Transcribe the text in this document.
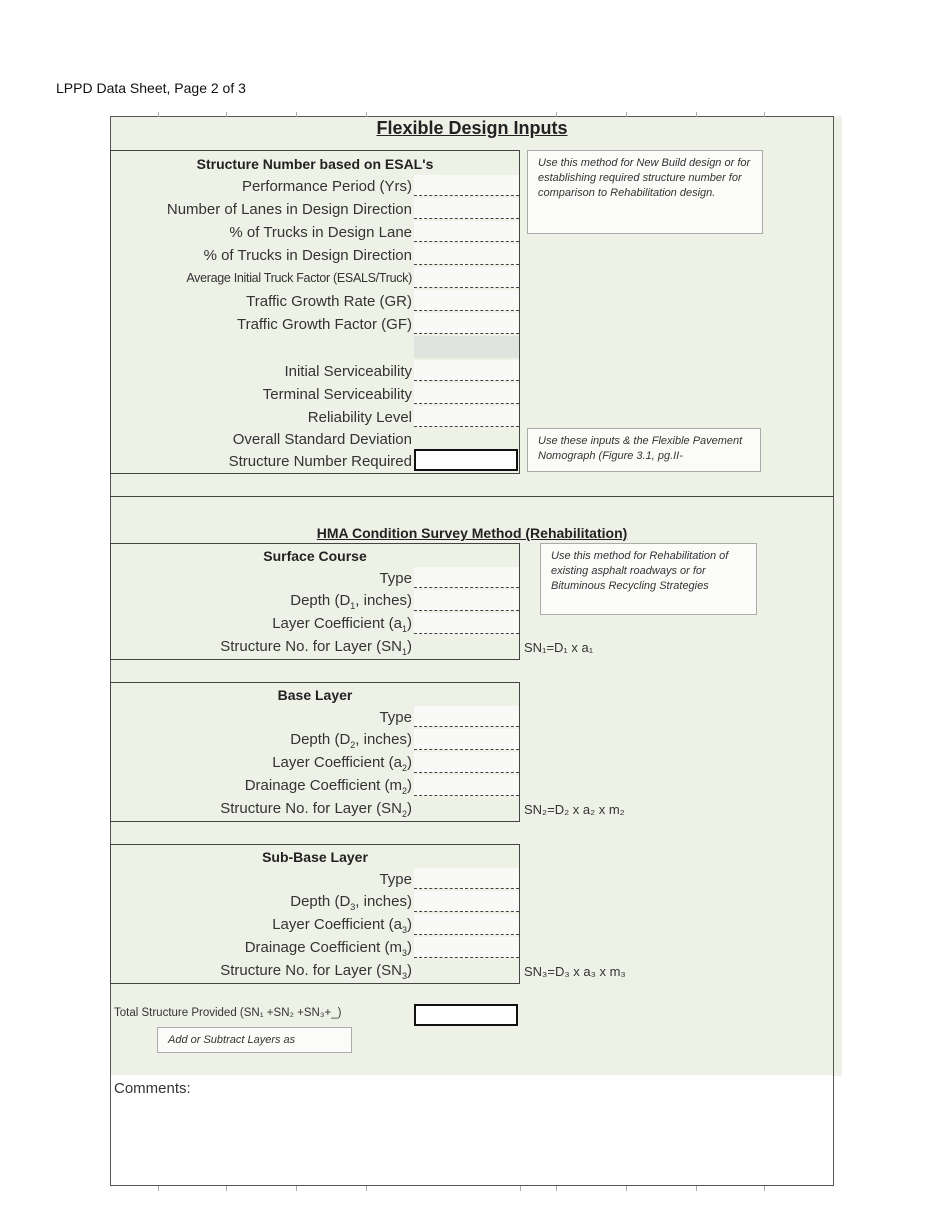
LPPD Data Sheet, Page 2 of 3
Flexible Design Inputs
Structure Number based on ESAL's
Performance Period (Yrs)
Number of Lanes in Design Direction
% of Trucks in Design Lane
% of Trucks in Design Direction
Average Initial Truck Factor (ESALS/Truck)
Traffic Growth Rate (GR)
Traffic Growth Factor (GF)
Initial Serviceability
Terminal Serviceability
Reliability Level
Overall Standard Deviation
Structure Number Required
Use this method for New Build design or for establishing required structure number for comparison to Rehabilitation design.
Use these inputs & the Flexible Pavement Nomograph (Figure 3.1, pg.II-
HMA Condition Survey Method (Rehabilitation)
Use this method for Rehabilitation of existing asphalt roadways or for Bituminous Recycling Strategies
Surface Course
Type
Depth ($D_1$, inches)
Layer Coefficient $(a_1)$
Structure No. for Layer $(SN_1)$	SN₁=D₁ x a₁
Base Layer
Type
Depth ($D_2$, inches)
Layer Coefficient $(a_2)$
Drainage Coefficient $(m_2)$
Structure No. for Layer $(SN_2)$	SN₂=D₂ x a₂ x m₂
Sub-Base Layer
Type
Depth ($D_3$, inches)
Layer Coefficient $(a_3)$
Drainage Coefficient $(m_3)$
Structure No. for Layer $(SN_3)$	SN₃=D₃ x a₃ x m₃
Total Structure Provided (SN₁ +SN₂ +SN₃+_)
Add or Subtract Layers as
Comments:
